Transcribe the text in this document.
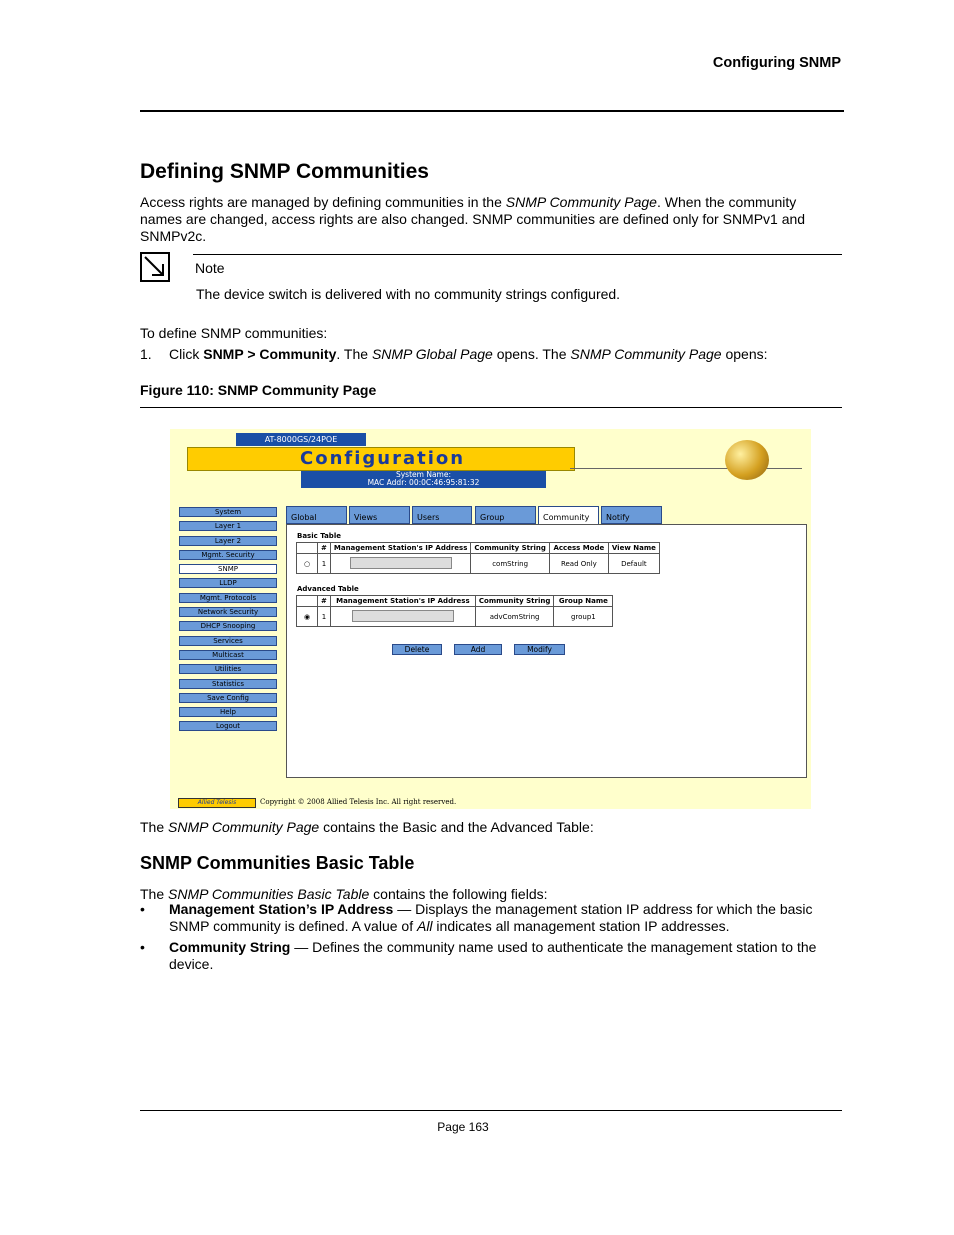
Configuring SNMP
Defining SNMP Communities
Access rights are managed by defining communities in the SNMP Community Page. When the community names are changed, access rights are also changed. SNMP communities are defined only for SNMPv1 and SNMPv2c.
Note
The device switch is delivered with no community strings configured.
To define SNMP communities:
1. Click SNMP > Community. The SNMP Global Page opens. The SNMP Community Page opens:
Figure 110: SNMP Community Page
AT-8000GS/24POE
Configuration
System Name:
MAC Addr: 00:0C:46:95:81:32
System
Layer 1
Layer 2
Mgmt. Security
SNMP
LLDP
Mgmt. Protocols
Network Security
DHCP Snooping
Services
Multicast
Utilities
Statistics
Save Config
Help
Logout
Global	Views	Users	Group	Community	Notify
Basic Table
	#	Management Station's IP Address	Community String	Access Mode	View Name
○	1		comString	Read Only	Default
Advanced Table
	#	Management Station's IP Address	Community String	Group Name
◉	1		advComString	group1
Delete	Add	Modify
Allied Telesis	Copyright © 2008 Allied Telesis Inc. All right reserved.
The SNMP Community Page contains the Basic and the Advanced Table:
SNMP Communities Basic Table
The SNMP Communities Basic Table contains the following fields:
• Management Station’s IP Address — Displays the management station IP address for which the basic SNMP community is defined. A value of All indicates all management station IP addresses.
• Community String — Defines the community name used to authenticate the management station to the device.
Page 163
